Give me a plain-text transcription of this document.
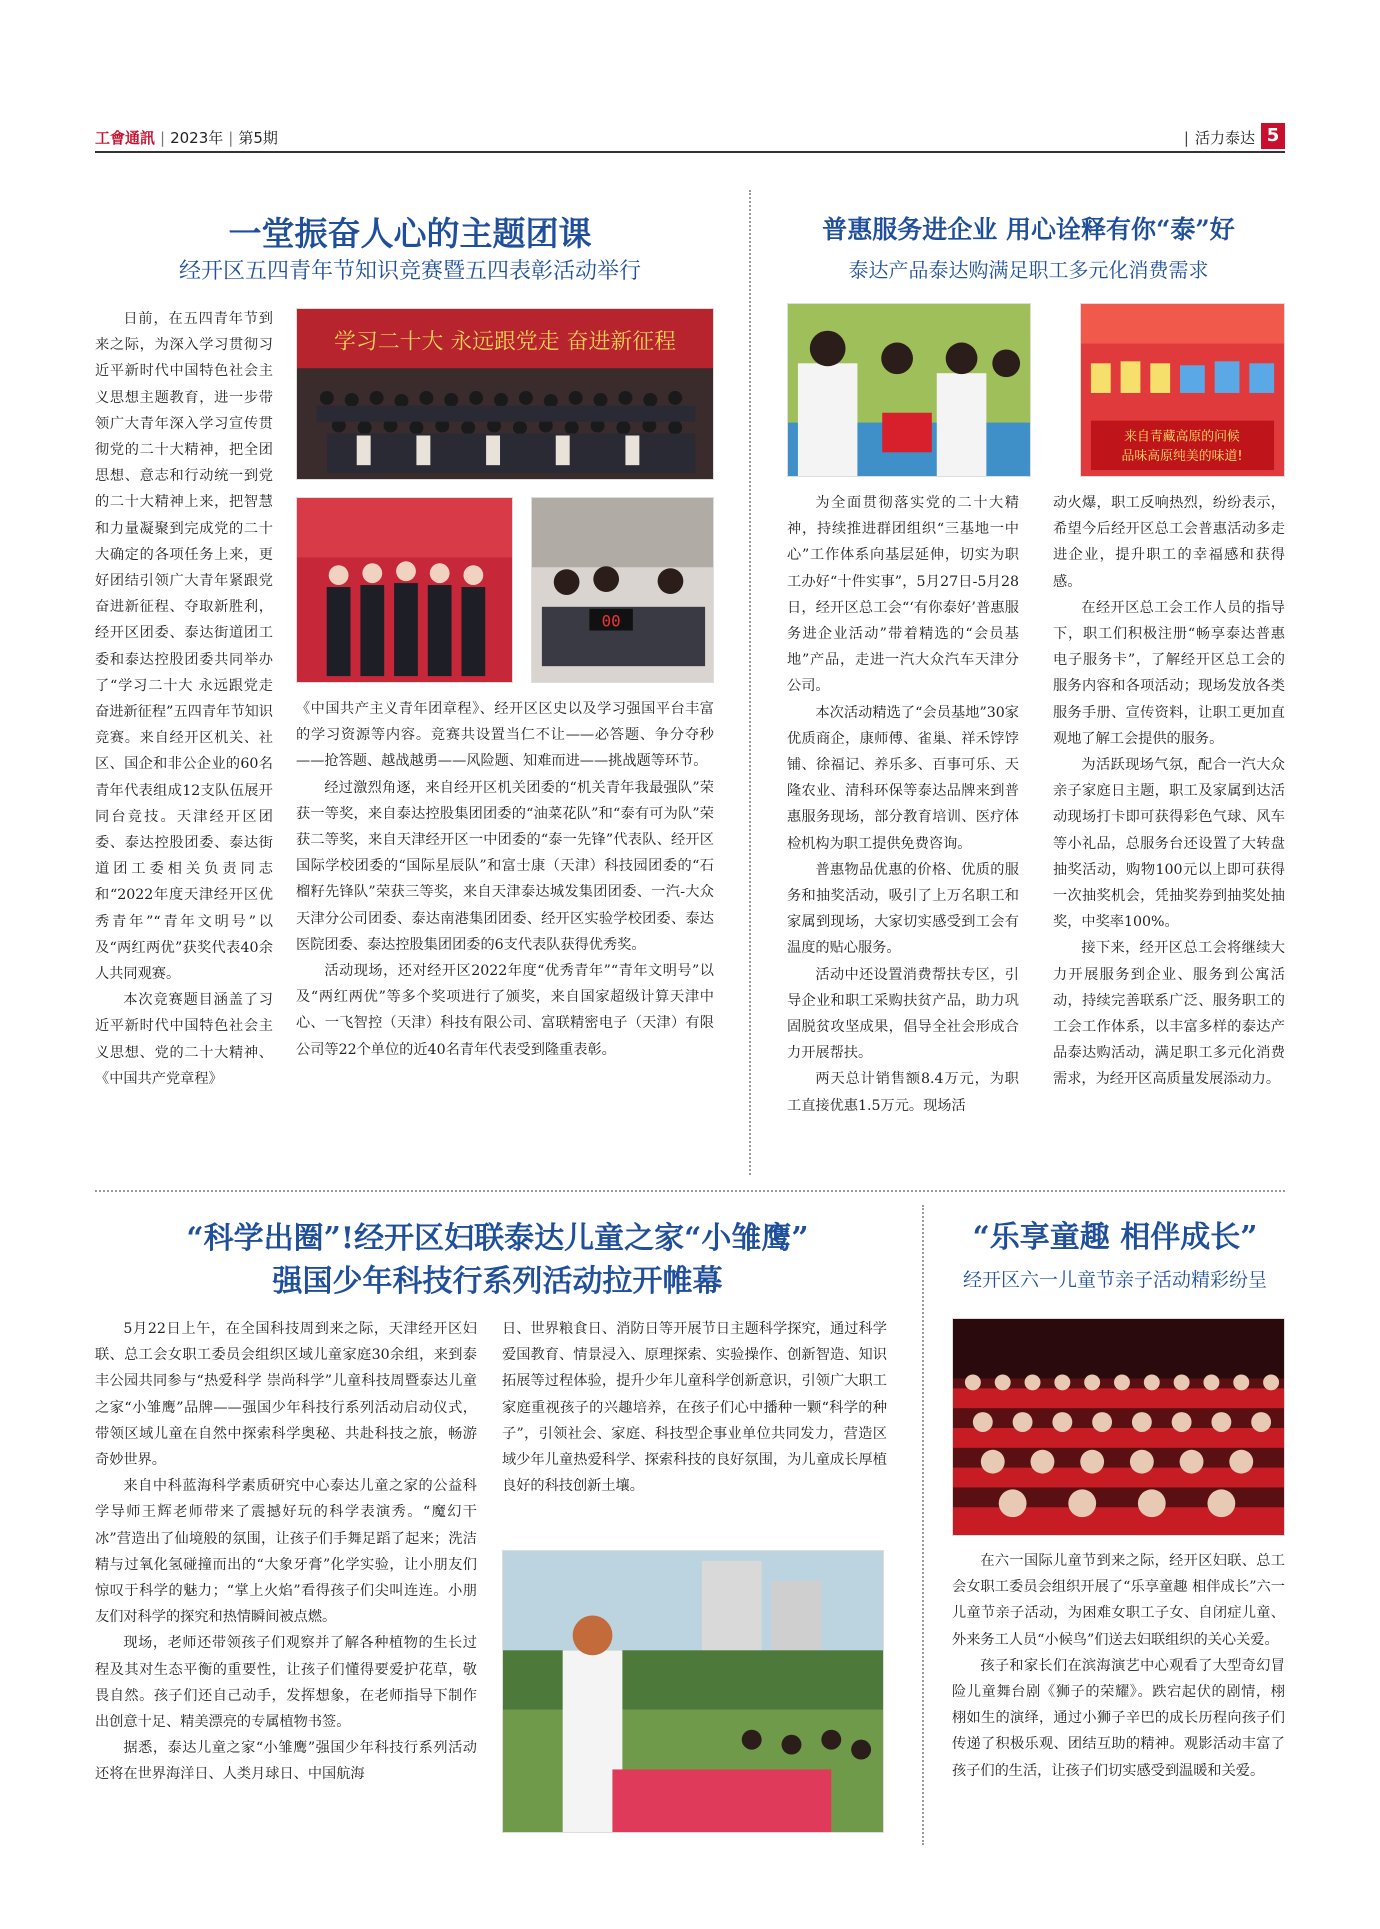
工會通訊 | 2023年 | 第5期	| 活力泰达 5
一堂振奋人心的主题团课
经开区五四青年节知识竞赛暨五四表彰活动举行

日前，在五四青年节到来之际，为深入学习贯彻习近平新时代中国特色社会主义思想主题教育，进一步带领广大青年深入学习宣传贯彻党的二十大精神，把全团思想、意志和行动统一到党的二十大精神上来，把智慧和力量凝聚到完成党的二十大确定的各项任务上来，更好团结引领广大青年紧跟党奋进新征程、夺取新胜利，经开区团委、泰达街道团工委和泰达控股团委共同举办了“学习二十大 永远跟党走 奋进新征程”五四青年节知识竞赛。来自经开区机关、社区、国企和非公企业的60名青年代表组成12支队伍展开同台竞技。天津经开区团委、泰达控股团委、泰达街道团工委相关负责同志和“2022年度天津经开区优秀青年”“青年文明号”以及“两红两优”获奖代表40余人共同观赛。

本次竞赛题目涵盖了习近平新时代中国特色社会主义思想、党的二十大精神、《中国共产党章程》

学习二十大 永远跟党走 奋进新征程
00

《中国共产主义青年团章程》、经开区区史以及学习强国平台丰富的学习资源等内容。竞赛共设置当仁不让——必答题、争分夺秒——抢答题、越战越勇——风险题、知难而进——挑战题等环节。

经过激烈角逐，来自经开区机关团委的“机关青年我最强队”荣获一等奖，来自泰达控股集团团委的“油菜花队”和“泰有可为队”荣获二等奖，来自天津经开区一中团委的“泰一先锋”代表队、经开区国际学校团委的“国际星辰队”和富士康（天津）科技园团委的“石榴籽先锋队”荣获三等奖，来自天津泰达城发集团团委、一汽-大众天津分公司团委、泰达南港集团团委、经开区实验学校团委、泰达医院团委、泰达控股集团团委的6支代表队获得优秀奖。

活动现场，还对经开区2022年度“优秀青年”“青年文明号”以及“两红两优”等多个奖项进行了颁奖，来自国家超级计算天津中心、一飞智控（天津）科技有限公司、富联精密电子（天津）有限公司等22个单位的近40名青年代表受到隆重表彰。

普惠服务进企业 用心诠释有你“泰”好
泰达产品泰达购满足职工多元化消费需求
来自青藏高原的问候
品味高原纯美的味道!

为全面贯彻落实党的二十大精神，持续推进群团组织“三基地一中心”工作体系向基层延伸，切实为职工办好“十件实事”，5月27日-5月28日，经开区总工会“‘有你泰好’普惠服务进企业活动”带着精选的“会员基地”产品，走进一汽大众汽车天津分公司。

本次活动精选了“会员基地”30家优质商企，康师傅、雀巢、祥禾饽饽铺、徐福记、养乐多、百事可乐、天隆农业、清科环保等泰达品牌来到普惠服务现场，部分教育培训、医疗体检机构为职工提供免费咨询。

普惠物品优惠的价格、优质的服务和抽奖活动，吸引了上万名职工和家属到现场，大家切实感受到工会有温度的贴心服务。

活动中还设置消费帮扶专区，引导企业和职工采购扶贫产品，助力巩固脱贫攻坚成果，倡导全社会形成合力开展帮扶。

两天总计销售额8.4万元，为职工直接优惠1.5万元。现场活

动火爆，职工反响热烈，纷纷表示，希望今后经开区总工会普惠活动多走进企业，提升职工的幸福感和获得感。

在经开区总工会工作人员的指导下，职工们积极注册“畅享泰达普惠电子服务卡”，了解经开区总工会的服务内容和各项活动；现场发放各类服务手册、宣传资料，让职工更加直观地了解工会提供的服务。

为活跃现场气氛，配合一汽大众亲子家庭日主题，职工及家属到达活动现场打卡即可获得彩色气球、风车等小礼品，总服务台还设置了大转盘抽奖活动，购物100元以上即可获得一次抽奖机会，凭抽奖券到抽奖处抽奖，中奖率100%。

接下来，经开区总工会将继续大力开展服务到企业、服务到公寓活动，持续完善联系广泛、服务职工的工会工作体系，以丰富多样的泰达产品泰达购活动，满足职工多元化消费需求，为经开区高质量发展添动力。

“科学出圈”!经开区妇联泰达儿童之家“小雏鹰”
强国少年科技行系列活动拉开帷幕

5月22日上午，在全国科技周到来之际，天津经开区妇联、总工会女职工委员会组织区域儿童家庭30余组，来到泰丰公园共同参与“热爱科学 崇尚科学”儿童科技周暨泰达儿童之家“小雏鹰”品牌——强国少年科技行系列活动启动仪式，带领区域儿童在自然中探索科学奥秘、共赴科技之旅，畅游奇妙世界。

来自中科蓝海科学素质研究中心泰达儿童之家的公益科学导师王辉老师带来了震撼好玩的科学表演秀。“魔幻干冰”营造出了仙境般的氛围，让孩子们手舞足蹈了起来；洗洁精与过氧化氢碰撞而出的“大象牙膏”化学实验，让小朋友们惊叹于科学的魅力；“掌上火焰”看得孩子们尖叫连连。小朋友们对科学的探究和热情瞬间被点燃。

现场，老师还带领孩子们观察并了解各种植物的生长过程及其对生态平衡的重要性，让孩子们懂得要爱护花草，敬畏自然。孩子们还自己动手，发挥想象，在老师指导下制作出创意十足、精美漂亮的专属植物书签。

据悉，泰达儿童之家“小雏鹰”强国少年科技行系列活动还将在世界海洋日、人类月球日、中国航海

日、世界粮食日、消防日等开展节日主题科学探究，通过科学爱国教育、情景浸入、原理探索、实验操作、创新智造、知识拓展等过程体验，提升少年儿童科学创新意识，引领广大职工家庭重视孩子的兴趣培养，在孩子们心中播种一颗“科学的种子”，引领社会、家庭、科技型企事业单位共同发力，营造区域少年儿童热爱科学、探索科技的良好氛围，为儿童成长厚植良好的科技创新土壤。

“乐享童趣 相伴成长”
经开区六一儿童节亲子活动精彩纷呈

在六一国际儿童节到来之际，经开区妇联、总工会女职工委员会组织开展了“乐享童趣 相伴成长”六一儿童节亲子活动，为困难女职工子女、自闭症儿童、外来务工人员“小候鸟”们送去妇联组织的关心关爱。

孩子和家长们在滨海演艺中心观看了大型奇幻冒险儿童舞台剧《狮子的荣耀》。跌宕起伏的剧情，栩栩如生的演绎，通过小狮子辛巴的成长历程向孩子们传递了积极乐观、团结互助的精神。观影活动丰富了孩子们的生活，让孩子们切实感受到温暖和关爱。
